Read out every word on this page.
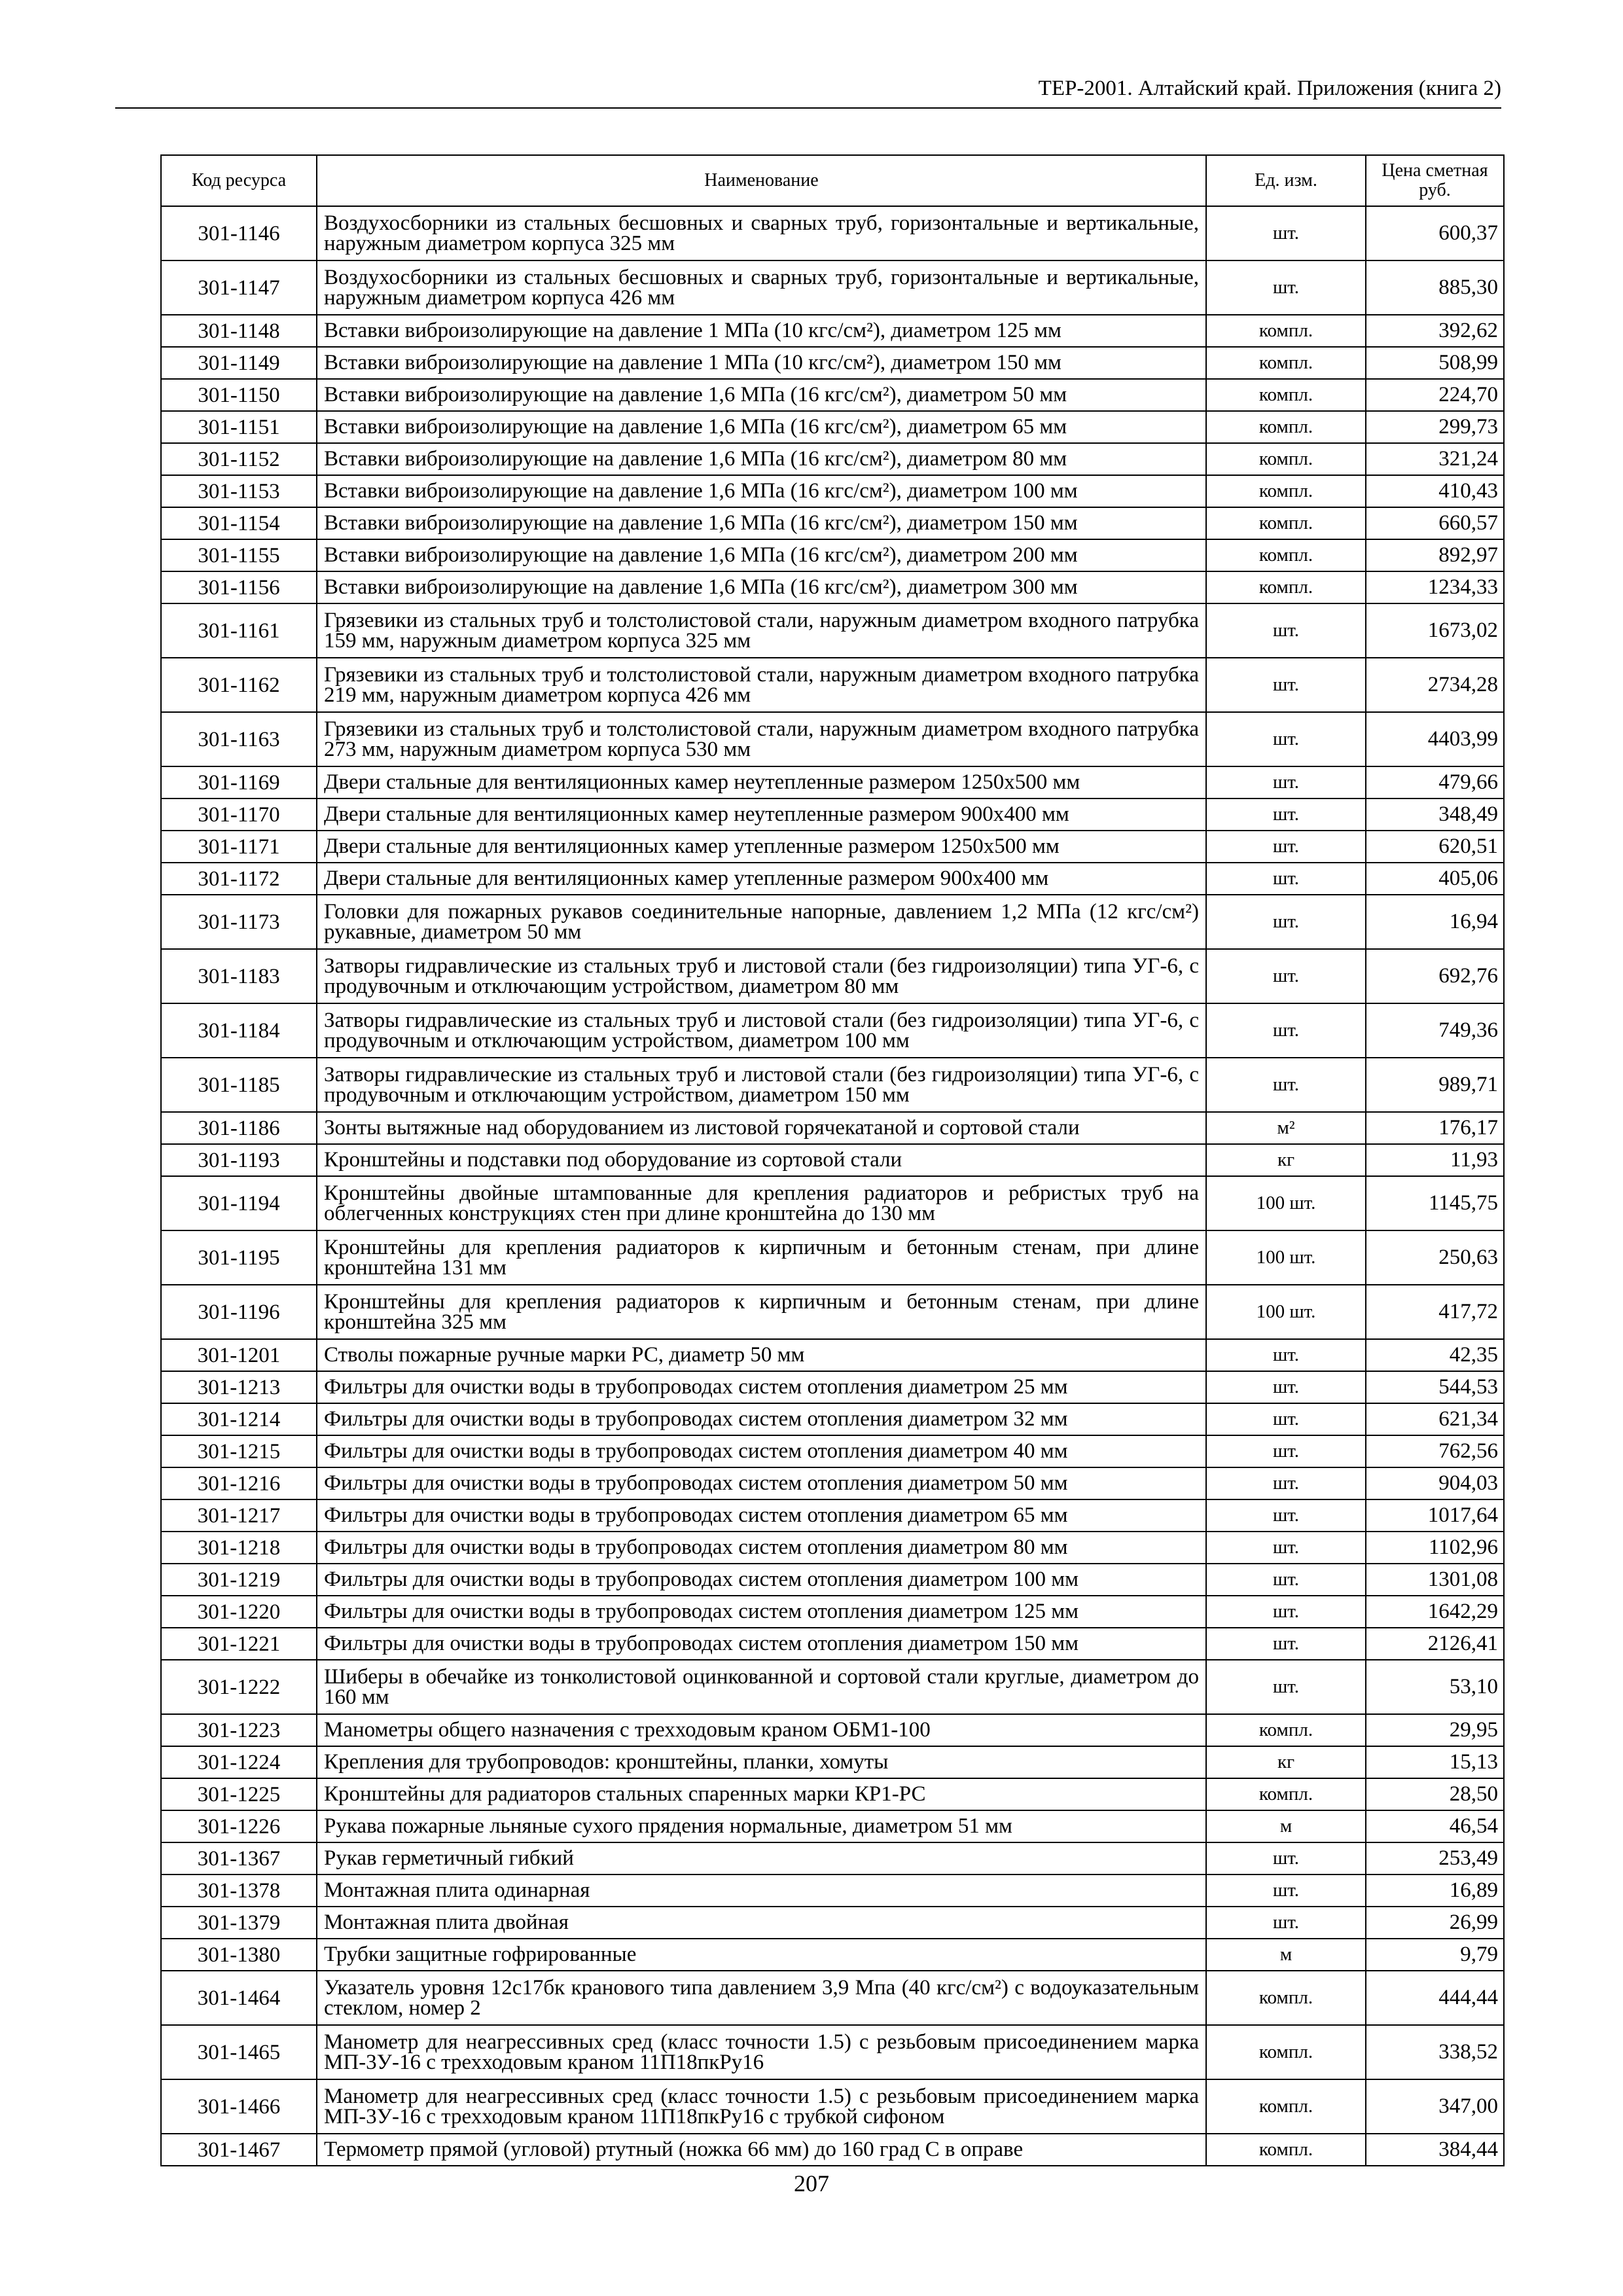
ТЕР-2001. Алтайский край. Приложения (книга 2)
Код ресурса	Наименование	Ед. изм.	Цена сметная руб.
301-1146	Воздухосборники из стальных бесшовных и сварных труб, горизонтальные и вертикальные, наружным диаметром корпуса 325 мм	шт.	600,37
301-1147	Воздухосборники из стальных бесшовных и сварных труб, горизонтальные и вертикальные, наружным диаметром корпуса 426 мм	шт.	885,30
301-1148	Вставки виброизолирующие на давление 1 МПа (10 кгс/см²), диаметром 125 мм	компл.	392,62
301-1149	Вставки виброизолирующие на давление 1 МПа (10 кгс/см²), диаметром 150 мм	компл.	508,99
301-1150	Вставки виброизолирующие на давление 1,6 МПа (16 кгс/см²), диаметром 50 мм	компл.	224,70
301-1151	Вставки виброизолирующие на давление 1,6 МПа (16 кгс/см²), диаметром 65 мм	компл.	299,73
301-1152	Вставки виброизолирующие на давление 1,6 МПа (16 кгс/см²), диаметром 80 мм	компл.	321,24
301-1153	Вставки виброизолирующие на давление 1,6 МПа (16 кгс/см²), диаметром 100 мм	компл.	410,43
301-1154	Вставки виброизолирующие на давление 1,6 МПа (16 кгс/см²), диаметром 150 мм	компл.	660,57
301-1155	Вставки виброизолирующие на давление 1,6 МПа (16 кгс/см²), диаметром 200 мм	компл.	892,97
301-1156	Вставки виброизолирующие на давление 1,6 МПа (16 кгс/см²), диаметром 300 мм	компл.	1234,33
301-1161	Грязевики из стальных труб и толстолистовой стали, наружным диаметром входного патрубка 159 мм, наружным диаметром корпуса 325 мм	шт.	1673,02
301-1162	Грязевики из стальных труб и толстолистовой стали, наружным диаметром входного патрубка 219 мм, наружным диаметром корпуса 426 мм	шт.	2734,28
301-1163	Грязевики из стальных труб и толстолистовой стали, наружным диаметром входного патрубка 273 мм, наружным диаметром корпуса 530 мм	шт.	4403,99
301-1169	Двери стальные для вентиляционных камер неутепленные размером 1250х500 мм	шт.	479,66
301-1170	Двери стальные для вентиляционных камер неутепленные размером 900х400 мм	шт.	348,49
301-1171	Двери стальные для вентиляционных камер утепленные размером 1250х500 мм	шт.	620,51
301-1172	Двери стальные для вентиляционных камер утепленные размером 900х400 мм	шт.	405,06
301-1173	Головки для пожарных рукавов соединительные напорные, давлением 1,2 МПа (12 кгс/см²) рукавные, диаметром 50 мм	шт.	16,94
301-1183	Затворы гидравлические из стальных труб и листовой стали (без гидроизоляции) типа УГ-6, с продувочным и отключающим устройством, диаметром 80 мм	шт.	692,76
301-1184	Затворы гидравлические из стальных труб и листовой стали (без гидроизоляции) типа УГ-6, с продувочным и отключающим устройством, диаметром 100 мм	шт.	749,36
301-1185	Затворы гидравлические из стальных труб и листовой стали (без гидроизоляции) типа УГ-6, с продувочным и отключающим устройством, диаметром 150 мм	шт.	989,71
301-1186	Зонты вытяжные над оборудованием из листовой горячекатаной и сортовой стали	м²	176,17
301-1193	Кронштейны и подставки под оборудование из сортовой стали	кг	11,93
301-1194	Кронштейны двойные штампованные для крепления радиаторов и ребристых труб на облегченных конструкциях стен при длине кронштейна до 130 мм	100 шт.	1145,75
301-1195	Кронштейны для крепления радиаторов к кирпичным и бетонным стенам, при длине кронштейна 131 мм	100 шт.	250,63
301-1196	Кронштейны для крепления радиаторов к кирпичным и бетонным стенам, при длине кронштейна 325 мм	100 шт.	417,72
301-1201	Стволы пожарные ручные марки РС, диаметр 50 мм	шт.	42,35
301-1213	Фильтры для очистки воды в трубопроводах систем отопления диаметром 25 мм	шт.	544,53
301-1214	Фильтры для очистки воды в трубопроводах систем отопления диаметром 32 мм	шт.	621,34
301-1215	Фильтры для очистки воды в трубопроводах систем отопления диаметром 40 мм	шт.	762,56
301-1216	Фильтры для очистки воды в трубопроводах систем отопления диаметром 50 мм	шт.	904,03
301-1217	Фильтры для очистки воды в трубопроводах систем отопления диаметром 65 мм	шт.	1017,64
301-1218	Фильтры для очистки воды в трубопроводах систем отопления диаметром 80 мм	шт.	1102,96
301-1219	Фильтры для очистки воды в трубопроводах систем отопления диаметром 100 мм	шт.	1301,08
301-1220	Фильтры для очистки воды в трубопроводах систем отопления диаметром 125 мм	шт.	1642,29
301-1221	Фильтры для очистки воды в трубопроводах систем отопления диаметром 150 мм	шт.	2126,41
301-1222	Шиберы в обечайке из тонколистовой оцинкованной и сортовой стали круглые, диаметром до 160 мм	шт.	53,10
301-1223	Манометры общего назначения с трехходовым краном ОБМ1-100	компл.	29,95
301-1224	Крепления для трубопроводов: кронштейны, планки, хомуты	кг	15,13
301-1225	Кронштейны для радиаторов стальных спаренных марки КР1-РС	компл.	28,50
301-1226	Рукава пожарные льняные сухого прядения нормальные, диаметром 51 мм	м	46,54
301-1367	Рукав герметичный гибкий	шт.	253,49
301-1378	Монтажная плита одинарная	шт.	16,89
301-1379	Монтажная плита двойная	шт.	26,99
301-1380	Трубки защитные гофрированные	м	9,79
301-1464	Указатель уровня 12с17бк кранового типа давлением 3,9 Мпа (40 кгс/см²) с водоуказательным стеклом, номер 2	компл.	444,44
301-1465	Манометр для неагрессивных сред (класс точности 1.5) с резьбовым присоединением марка МП-3У-16 с трехходовым краном 11П18пкРу16	компл.	338,52
301-1466	Манометр для неагрессивных сред (класс точности 1.5) с резьбовым присоединением марка МП-3У-16 с трехходовым краном 11П18пкРу16 с трубкой сифоном	компл.	347,00
301-1467	Термометр прямой (угловой) ртутный (ножка 66 мм) до 160 град С в оправе	компл.	384,44
207
